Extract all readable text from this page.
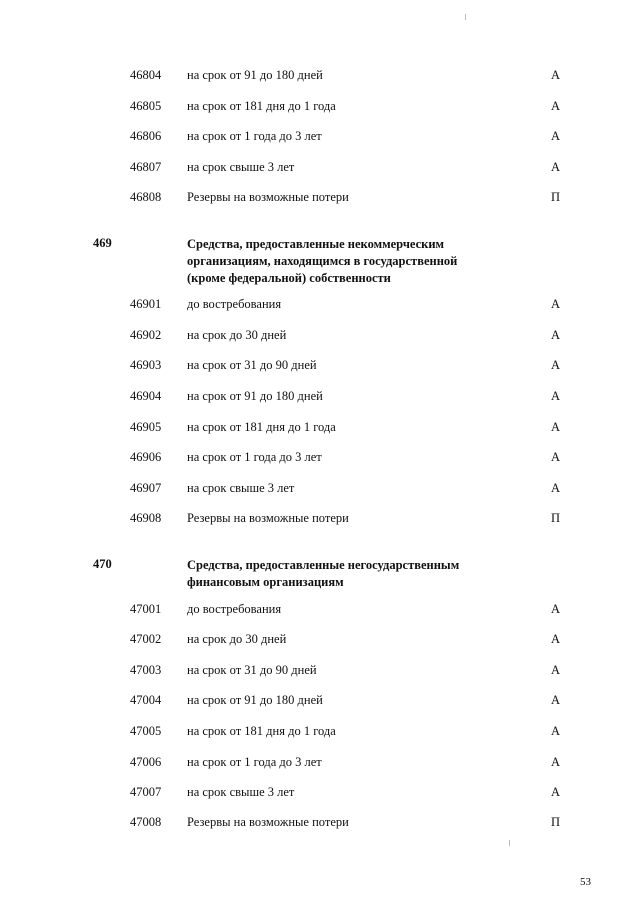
46804 на срок от 91 до 180 дней	А
46805 на срок от 181 дня до 1 года	А
46806 на срок от 1 года до 3 лет	А
46807 на срок свыше 3 лет	А
46808 Резервы на возможные потери	П
469	Средства, предоставленные некоммерческим
организациям, находящимся в государственной
(кроме федеральной) собственности
46901 до востребования	А
46902 на срок до 30 дней	А
46903 на срок от 31 до 90 дней	А
46904 на срок от 91 до 180 дней	А
46905 на срок от 181 дня до 1 года	А
46906 на срок от 1 года до 3 лет	А
46907 на срок свыше 3 лет	А
46908 Резервы на возможные потери	П
470	Средства, предоставленные негосударственным
финансовым организациям
47001 до востребования	А
47002 на срок до 30 дней	А
47003 на срок от 31 до 90 дней	А
47004 на срок от 91 до 180 дней	А
47005 на срок от 181 дня до 1 года	А
47006 на срок от 1 года до 3 лет	А
47007 на срок свыше 3 лет	А
47008 Резервы на возможные потери	П
53
